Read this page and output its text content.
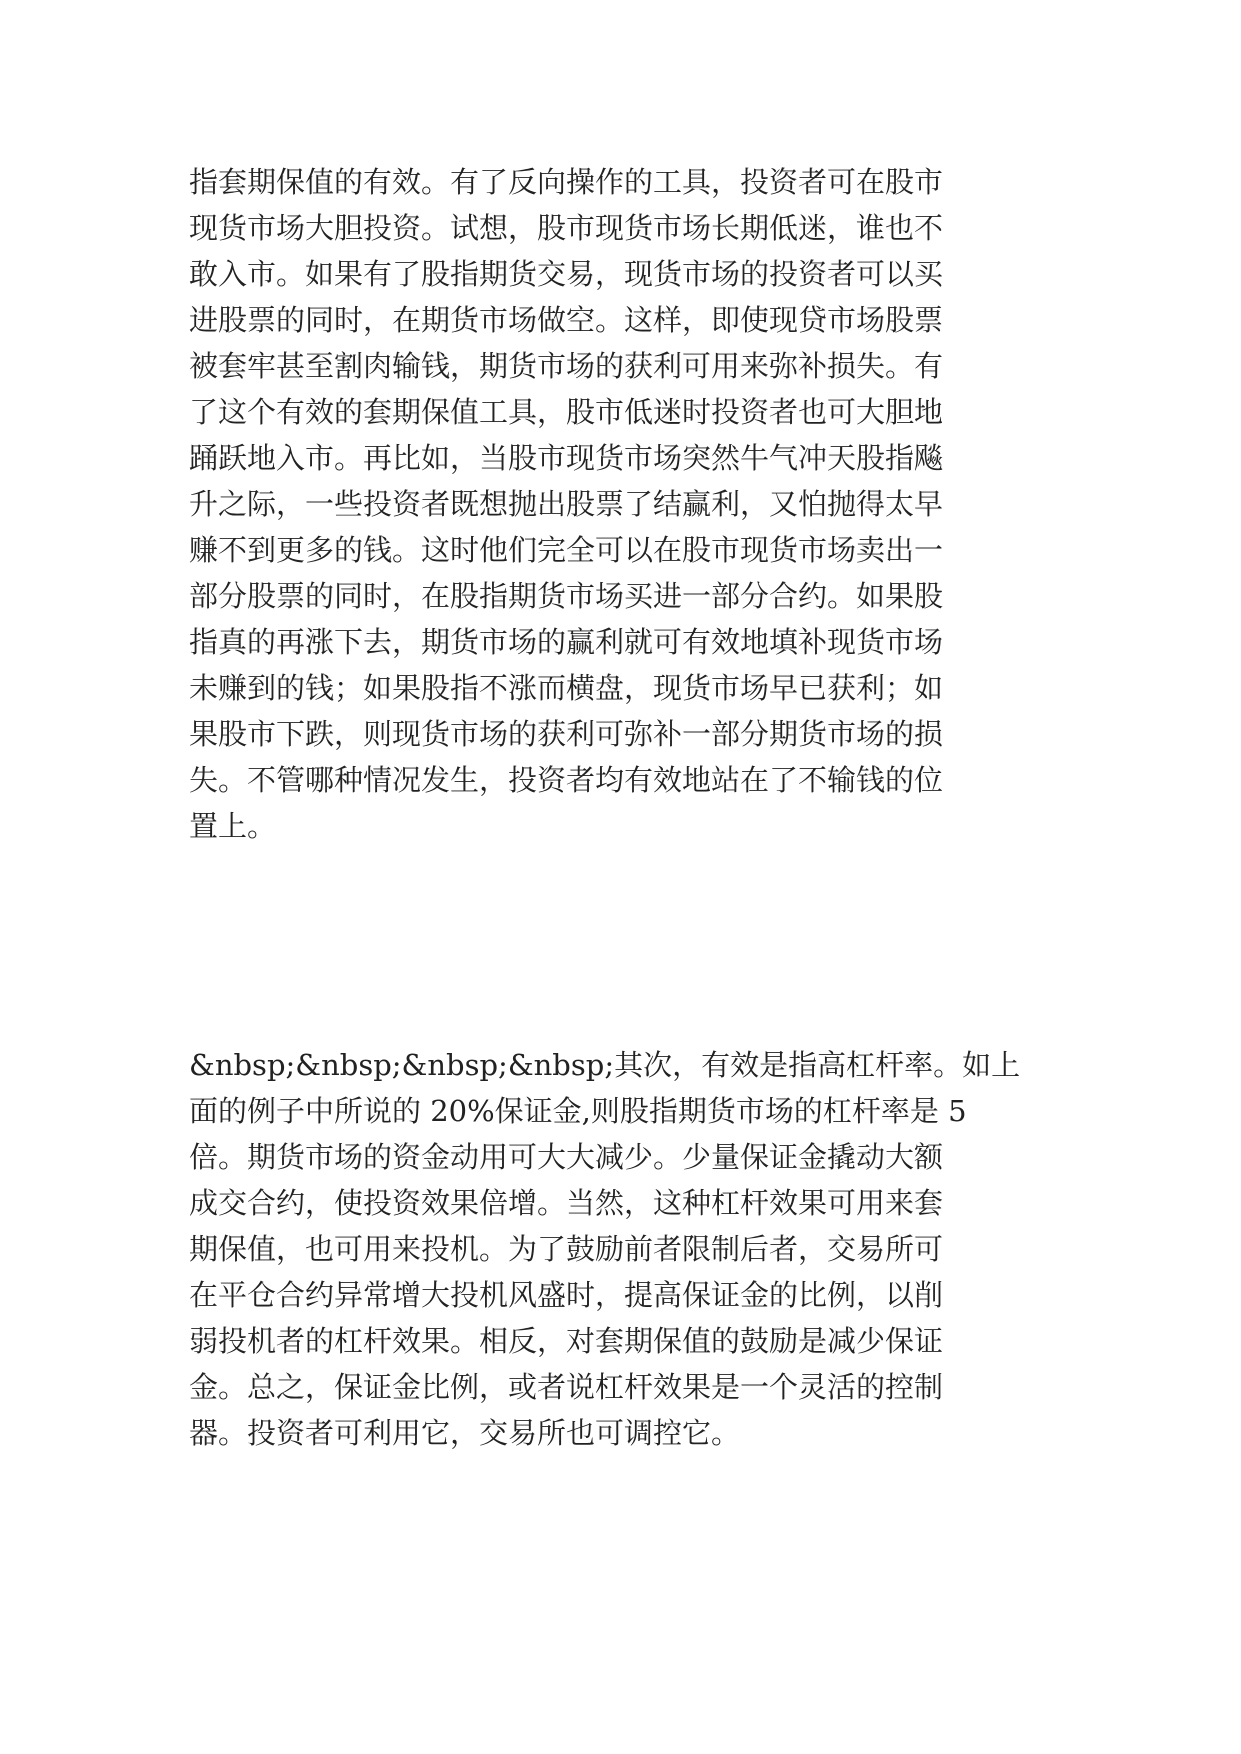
指套期保值的有效。有了反向操作的工具，投资者可在股市
现货市场大胆投资。试想，股市现货市场长期低迷，谁也不
敢入市。如果有了股指期货交易，现货市场的投资者可以买
进股票的同时，在期货市场做空。这样，即使现贷市场股票
被套牢甚至割肉输钱，期货市场的获利可用来弥补损失。有
了这个有效的套期保值工具，股市低迷时投资者也可大胆地
踊跃地入市。再比如，当股市现货市场突然牛气冲天股指飚
升之际，一些投资者既想抛出股票了结赢利，又怕抛得太早
赚不到更多的钱。这时他们完全可以在股市现货市场卖出一
部分股票的同时，在股指期货市场买进一部分合约。如果股
指真的再涨下去，期货市场的赢利就可有效地填补现货市场
未赚到的钱；如果股指不涨而横盘，现货市场早已获利；如
果股市下跌，则现货市场的获利可弥补一部分期货市场的损
失。不管哪种情况发生，投资者均有效地站在了不输钱的位
置上。
&nbsp;&nbsp;&nbsp;&nbsp;其次，有效是指高杠杆率。如上
面的例子中所说的 20%保证金,则股指期货市场的杠杆率是 5
倍。期货市场的资金动用可大大减少。少量保证金撬动大额
成交合约，使投资效果倍增。当然，这种杠杆效果可用来套
期保值，也可用来投机。为了鼓励前者限制后者，交易所可
在平仓合约异常增大投机风盛时，提高保证金的比例，以削
弱投机者的杠杆效果。相反，对套期保值的鼓励是减少保证
金。总之，保证金比例，或者说杠杆效果是一个灵活的控制
器。投资者可利用它，交易所也可调控它。
